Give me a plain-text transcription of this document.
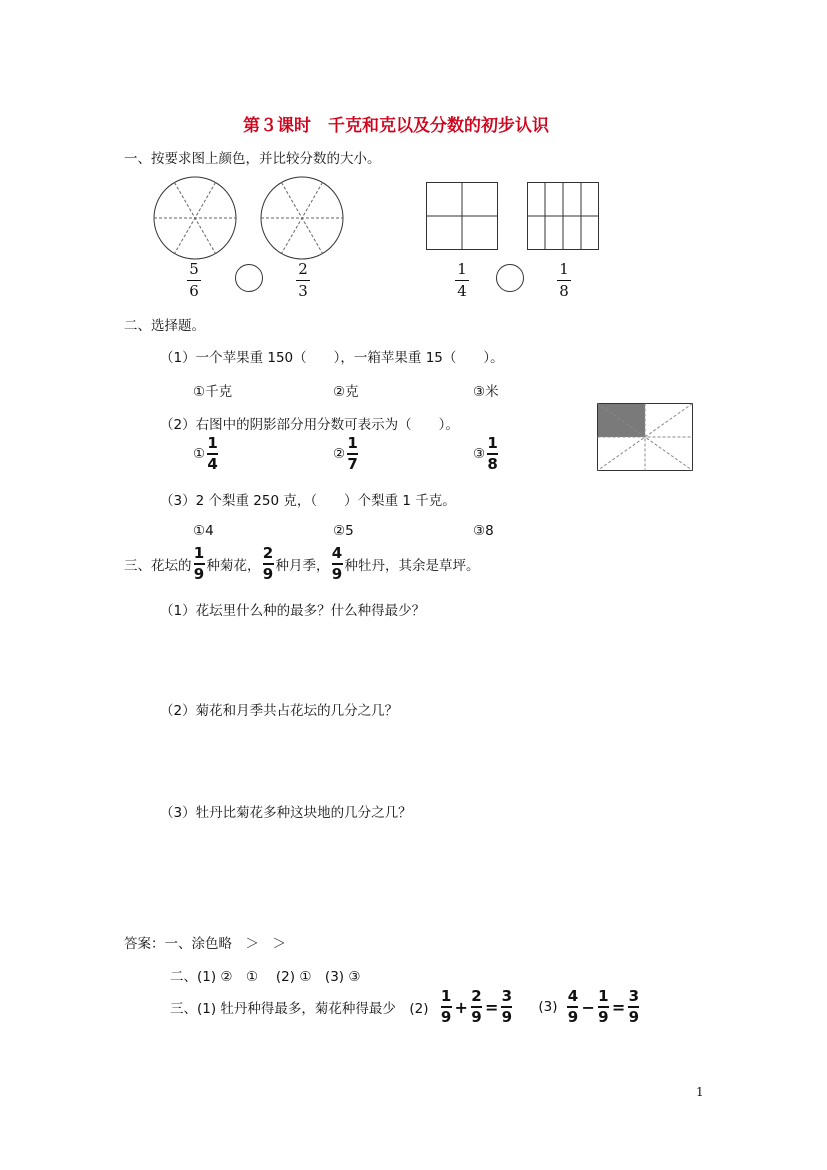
第３课时　千克和克以及分数的初步认识
一、按要求图上颜色，并比较分数的大小。
5
6
2
3
1
4
1
8
二、选择题。
（1）一个苹果重 150（　　），一箱苹果重 15（　　）。
①千克	②克	③米
（2）右图中的阴影部分用分数可表示为（　　）。
①
1
4
②
1
7
③
1
8
（3）2 个梨重 250 克，（　　）个梨重 1 千克。
①4	②5	③8
三、花坛的
1
9 种菊花，
2
9 种月季，
4
9 种牡丹，其余是草坪。
（1）花坛里什么种的最多？什么种得最少？
（2）菊花和月季共占花坛的几分之几？
（3）牡丹比菊花多种这块地的几分之几？
答案：一、涂色略　＞　＞
二、(1) ②　①　 (2) ①　(3) ③
三、(1) 牡丹种得最多，菊花种得最少　(2)
1
9
+
2
9
=
3
9
(3)
4
9
−
1
9
=
3
9
1
